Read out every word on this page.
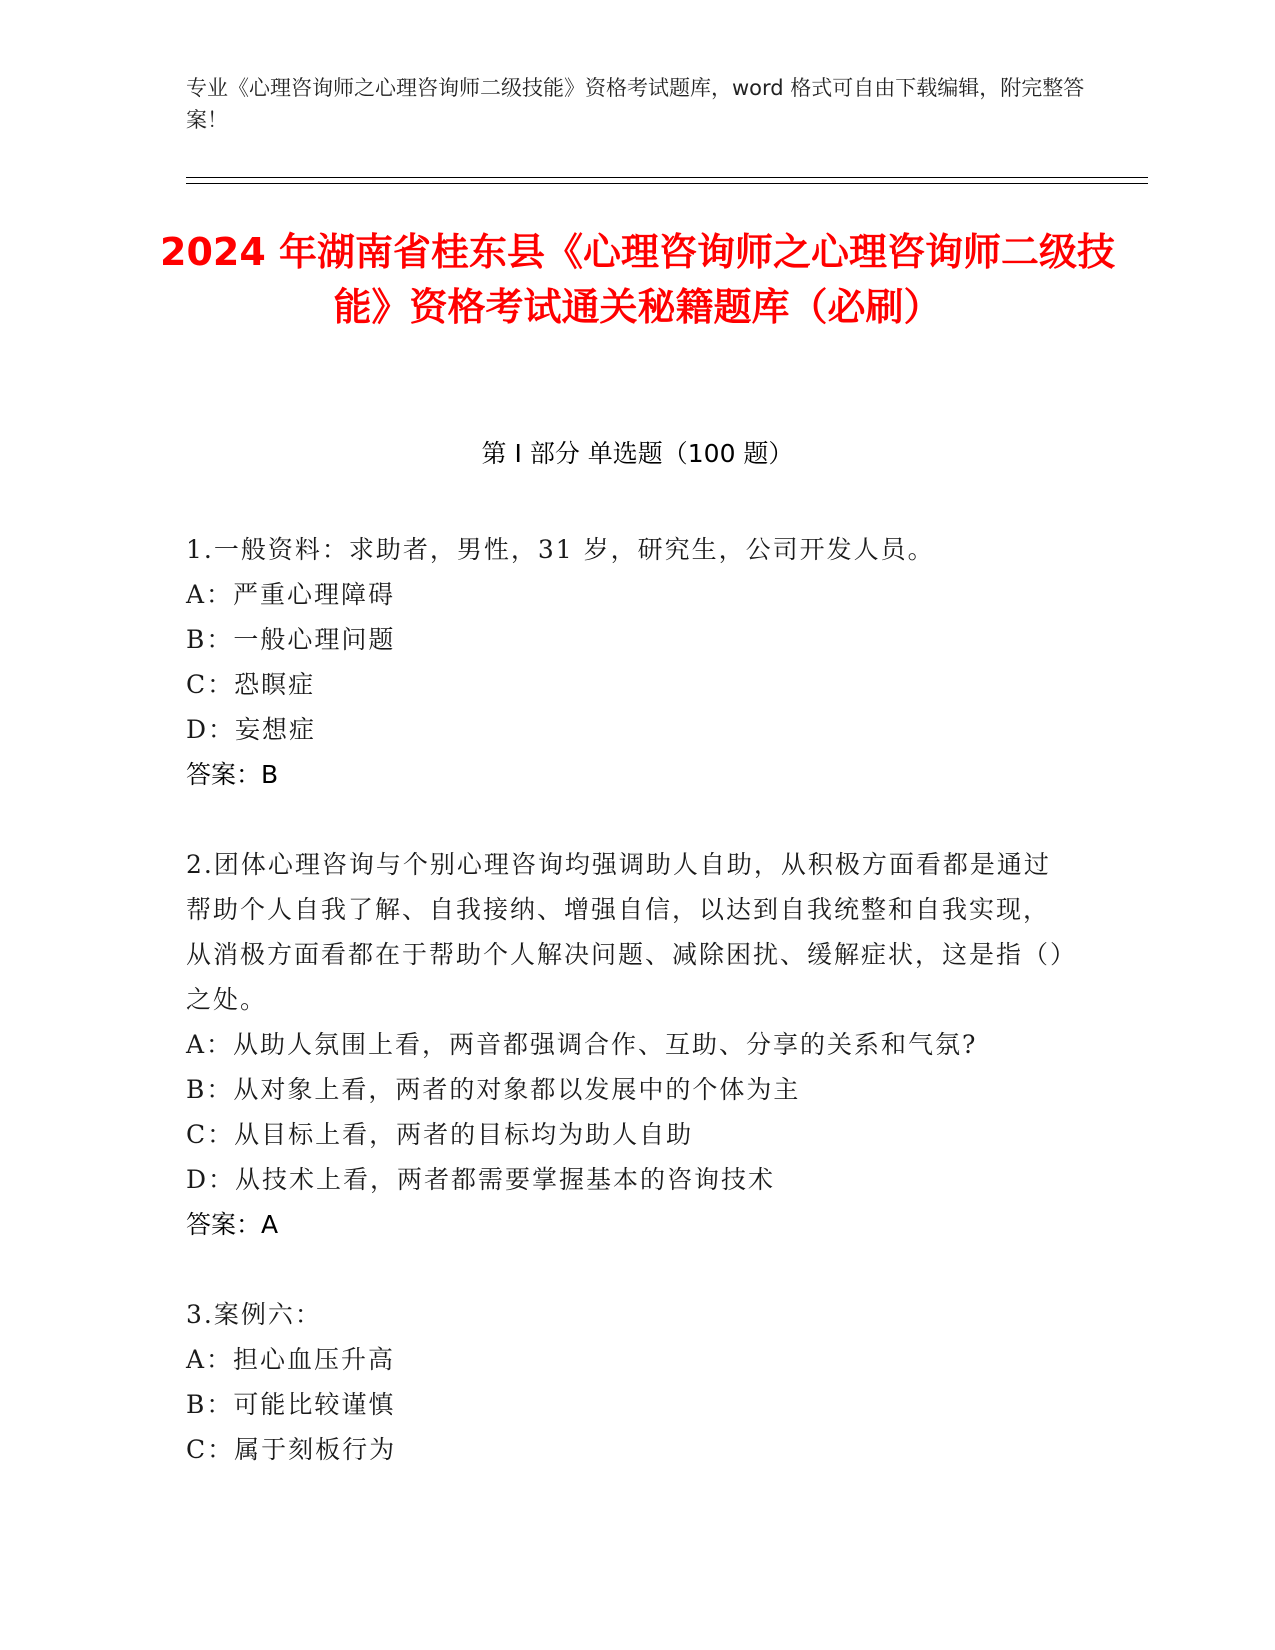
专业《心理咨询师之心理咨询师二级技能》资格考试题库，word 格式可自由下载编辑，附完整答案！
2024 年湖南省桂东县《心理咨询师之心理咨询师二级技能》资格考试通关秘籍题库（必刷）
第 I 部分 单选题（100 题）
1.一般资料：求助者，男性，31 岁，研究生，公司开发人员。
A：严重心理障碍
B：一般心理问题
C：恐瞑症
D：妄想症
答案：B
2.团体心理咨询与个别心理咨询均强调助人自助，从积极方面看都是通过帮助个人自我了解、自我接纳、增强自信，以达到自我统整和自我实现，从消极方面看都在于帮助个人解决问题、减除困扰、缓解症状，这是指（）之处。
A：从助人氛围上看，两音都强调合作、互助、分享的关系和气氛?
B：从对象上看，两者的对象都以发展中的个体为主
C：从目标上看，两者的目标均为助人自助
D：从技术上看，两者都需要掌握基本的咨询技术
答案：A
3.案例六：
A：担心血压升高
B：可能比较谨慎
C：属于刻板行为
